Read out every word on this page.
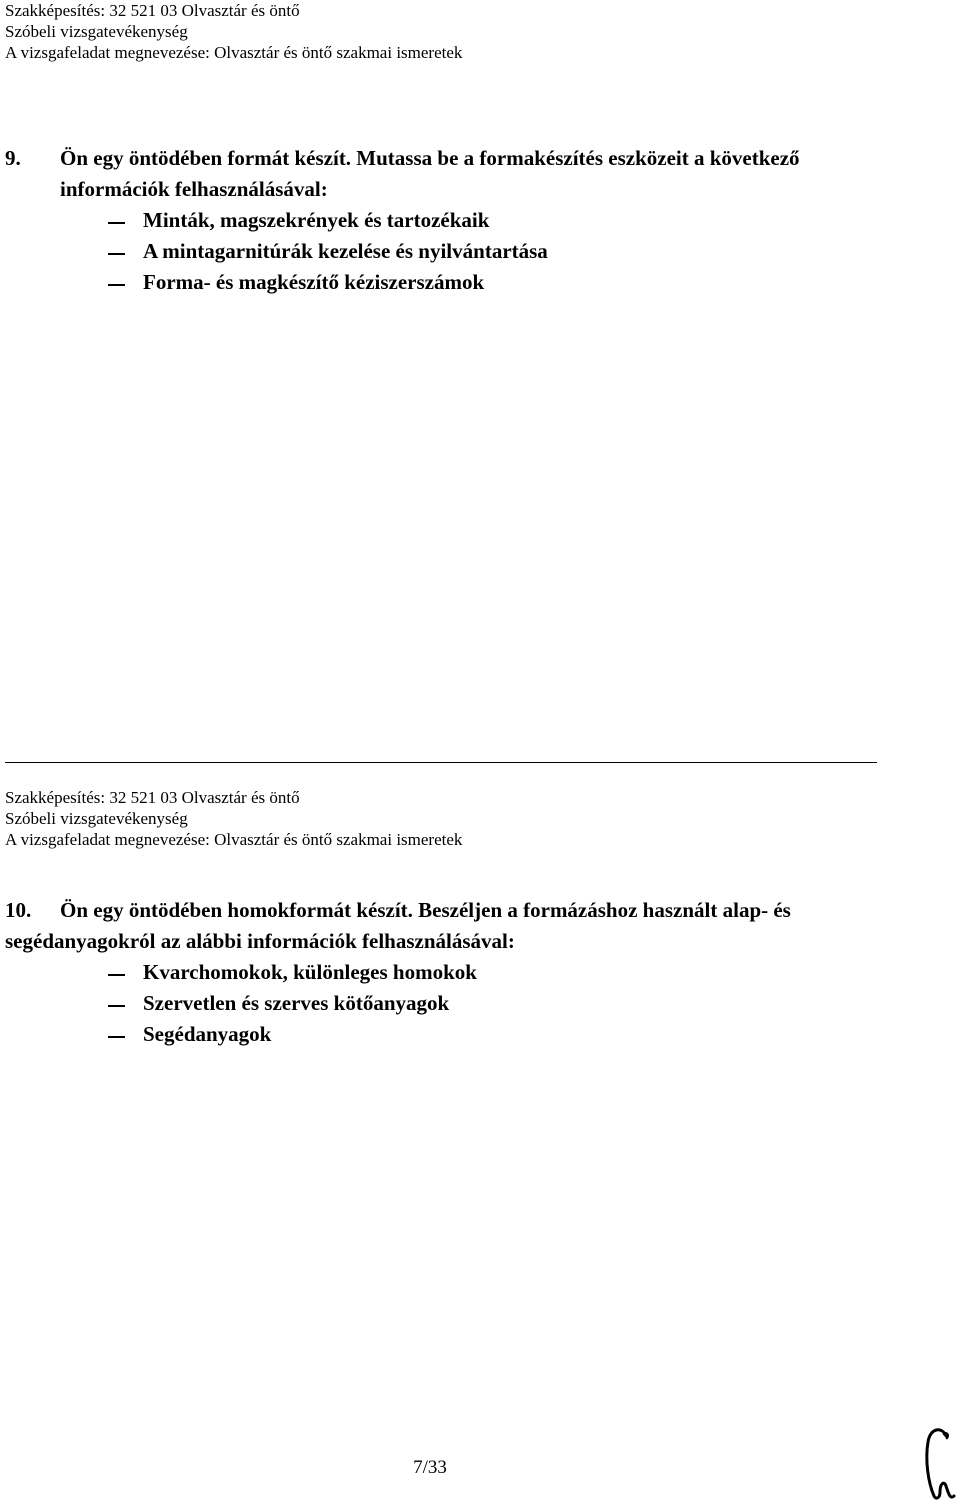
Szakképesítés: 32 521 03 Olvasztár és öntő
Szóbeli vizsgatevékenység
A vizsgafeladat megnevezése: Olvasztár és öntő szakmai ismeretek
9. Ön egy öntödében formát készít. Mutassa be a formakészítés eszközeit a következő
információk felhasználásával:
Minták, magszekrények és tartozékaik
A mintagarnitúrák kezelése és nyilvántartása
Forma- és magkészítő kéziszerszámok
Szakképesítés: 32 521 03 Olvasztár és öntő
Szóbeli vizsgatevékenység
A vizsgafeladat megnevezése: Olvasztár és öntő szakmai ismeretek
10. Ön egy öntödében homokformát készít. Beszéljen a formázáshoz használt alap- és
segédanyagokról az alábbi információk felhasználásával:
Kvarchomokok, különleges homokok
Szervetlen és szerves kötőanyagok
Segédanyagok
7/33
